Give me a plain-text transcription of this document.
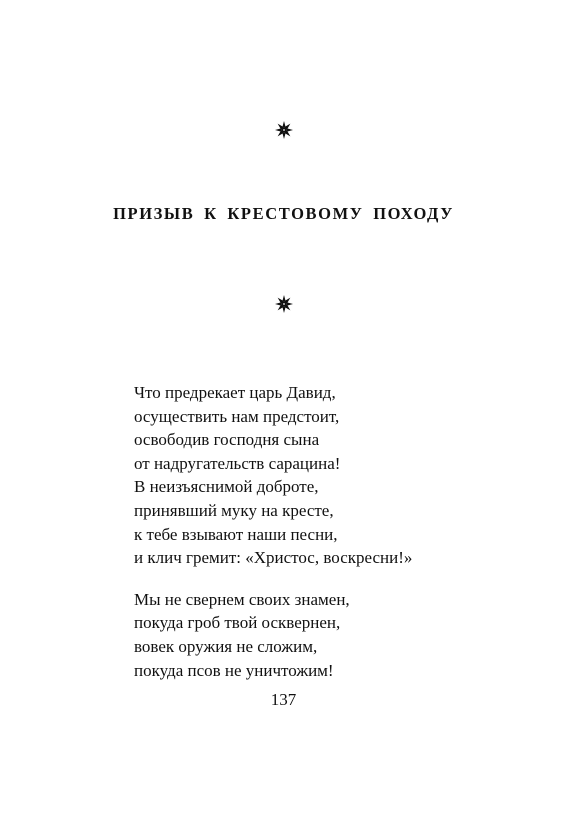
ПРИЗЫВ К КРЕСТОВОМУ ПОХОДУ
Что предрекает царь Давид,
осуществить нам предстоит,
освободив господня сына
от надругательств сарацина!
В неизъяснимой доброте,
принявший муку на кресте,
к тебе взывают наши песни,
и клич гремит: «Христос, воскресни!»
Мы не свернем своих знамен,
покуда гроб твой осквернен,
вовек оружия не сложим,
покуда псов не уничтожим!
137
